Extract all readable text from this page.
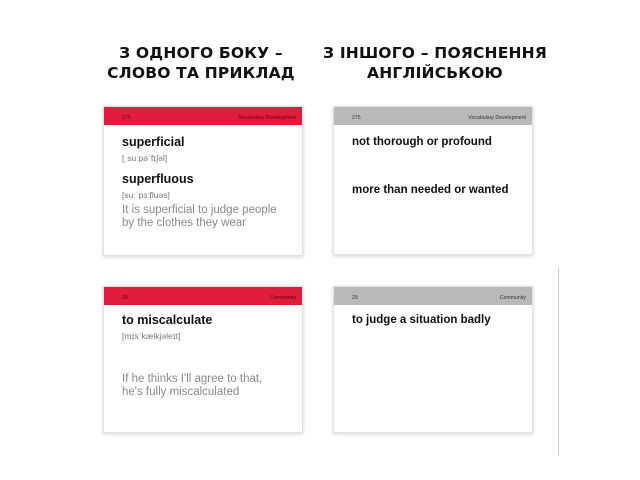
З ОДНОГО БОКУ –
СЛОВО ТА ПРИКЛАД
З ІНШОГО – ПОЯСНЕННЯ
АНГЛІЙСЬКОЮ
275	Vocabulary Development
superficial
[ˌsuːpəˈfɪʃəl]
superfluous
[suːˈpɜːfluəs]
It is superficial to judge people
by the clothes they wear
275	Vocabulary Development
not thorough or profound
more than needed or wanted
29	Community
to miscalculate
[mɪsˈkælkjəleɪt]
If he thinks I'll agree to that,
he's fully miscalculated
29	Community
to judge a situation badly
